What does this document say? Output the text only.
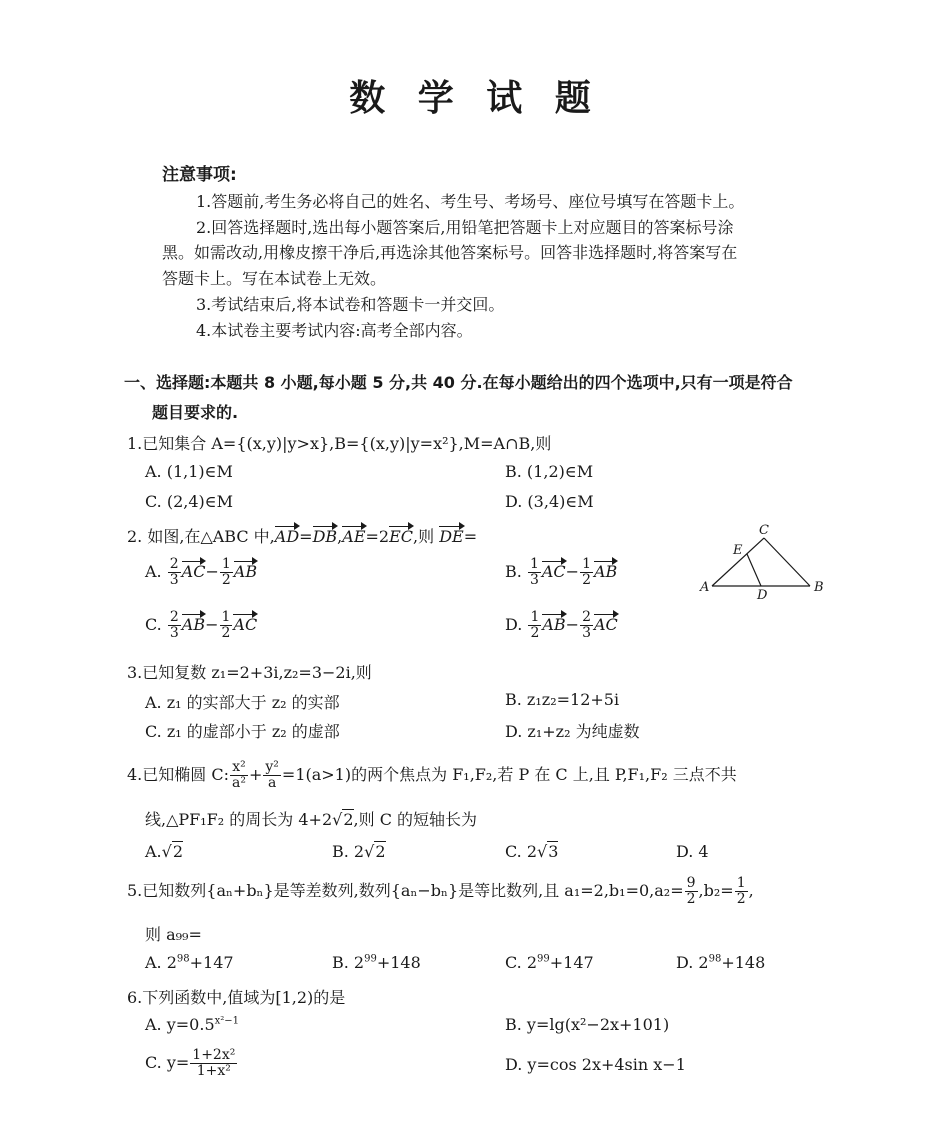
数 学 试 题
注意事项:
1.答题前,考生务必将自己的姓名、考生号、考场号、座位号填写在答题卡上。
2.回答选择题时,选出每小题答案后,用铅笔把答题卡上对应题目的答案标号涂
黑。如需改动,用橡皮擦干净后,再选涂其他答案标号。回答非选择题时,将答案写在
答题卡上。写在本试卷上无效。
3.考试结束后,将本试卷和答题卡一并交回。
4.本试卷主要考试内容:高考全部内容。
一、选择题:本题共 8 小题,每小题 5 分,共 40 分.在每小题给出的四个选项中,只有一项是符合
题目要求的.
1.已知集合 A={(x,y)|y>x},B={(x,y)|y=x²},M=A∩B,则
A. (1,1)∈M	B. (1,2)∈M
C. (2,4)∈M	D. (3,4)∈M
2. 如图,在△ABC 中,AD=DB,AE=2EC,则 DE=
A. $\frac{2}{3} AC- \frac{1}{2}$ AB	B. $\frac{1}{3} AC- \frac{1}{2}$ AB
C. $\frac{2}{3} AB- \frac{1}{2}$ AC	D. $\frac{1}{2} AB- \frac{2}{3}$ AC
A	B
C
D
E
3.已知复数 z₁=2+3i,z₂=3−2i,则
A. z₁ 的实部大于 z₂ 的实部	B. z₁z₂=12+5i
C. z₁ 的虚部小于 z₂ 的虚部	D. z₁+z₂ 为纯虚数
4.已知椭圆 C: $\frac{\text{x²}}{\text{a²}} + \frac{\text{y²}}{a} =1(a>1)$的两个焦点为 F₁,F₂,若 P 在 C 上,且 P,F₁,F₂ 三点不共
线,△PF₁F₂ 的周长为 4+2√2,则 C 的短轴长为
A.√2	B. 2√2	C. 2√3	D. 4
5.已知数列{aₙ+bₙ}是等差数列,数列{aₙ−bₙ}是等比数列,且 $a_1=2,b_1=0,a_2= \frac{9}{2} ,b_2= \frac{1}{2}$ ,
则 a₉₉=
A. $2^{98}+147$	B. $2^{99}+148$	C. $2^{99}+147$	D. $2^{98}+148$
6.下列函数中,值域为[1,2)的是
A. $y=0.5^{x^2-1}$	B. y=lg(x²−2x+101)
C. $y= \frac{\text{1+2x²}}{\text{1+x²}}$	D. y=cos 2x+4sin x−1
